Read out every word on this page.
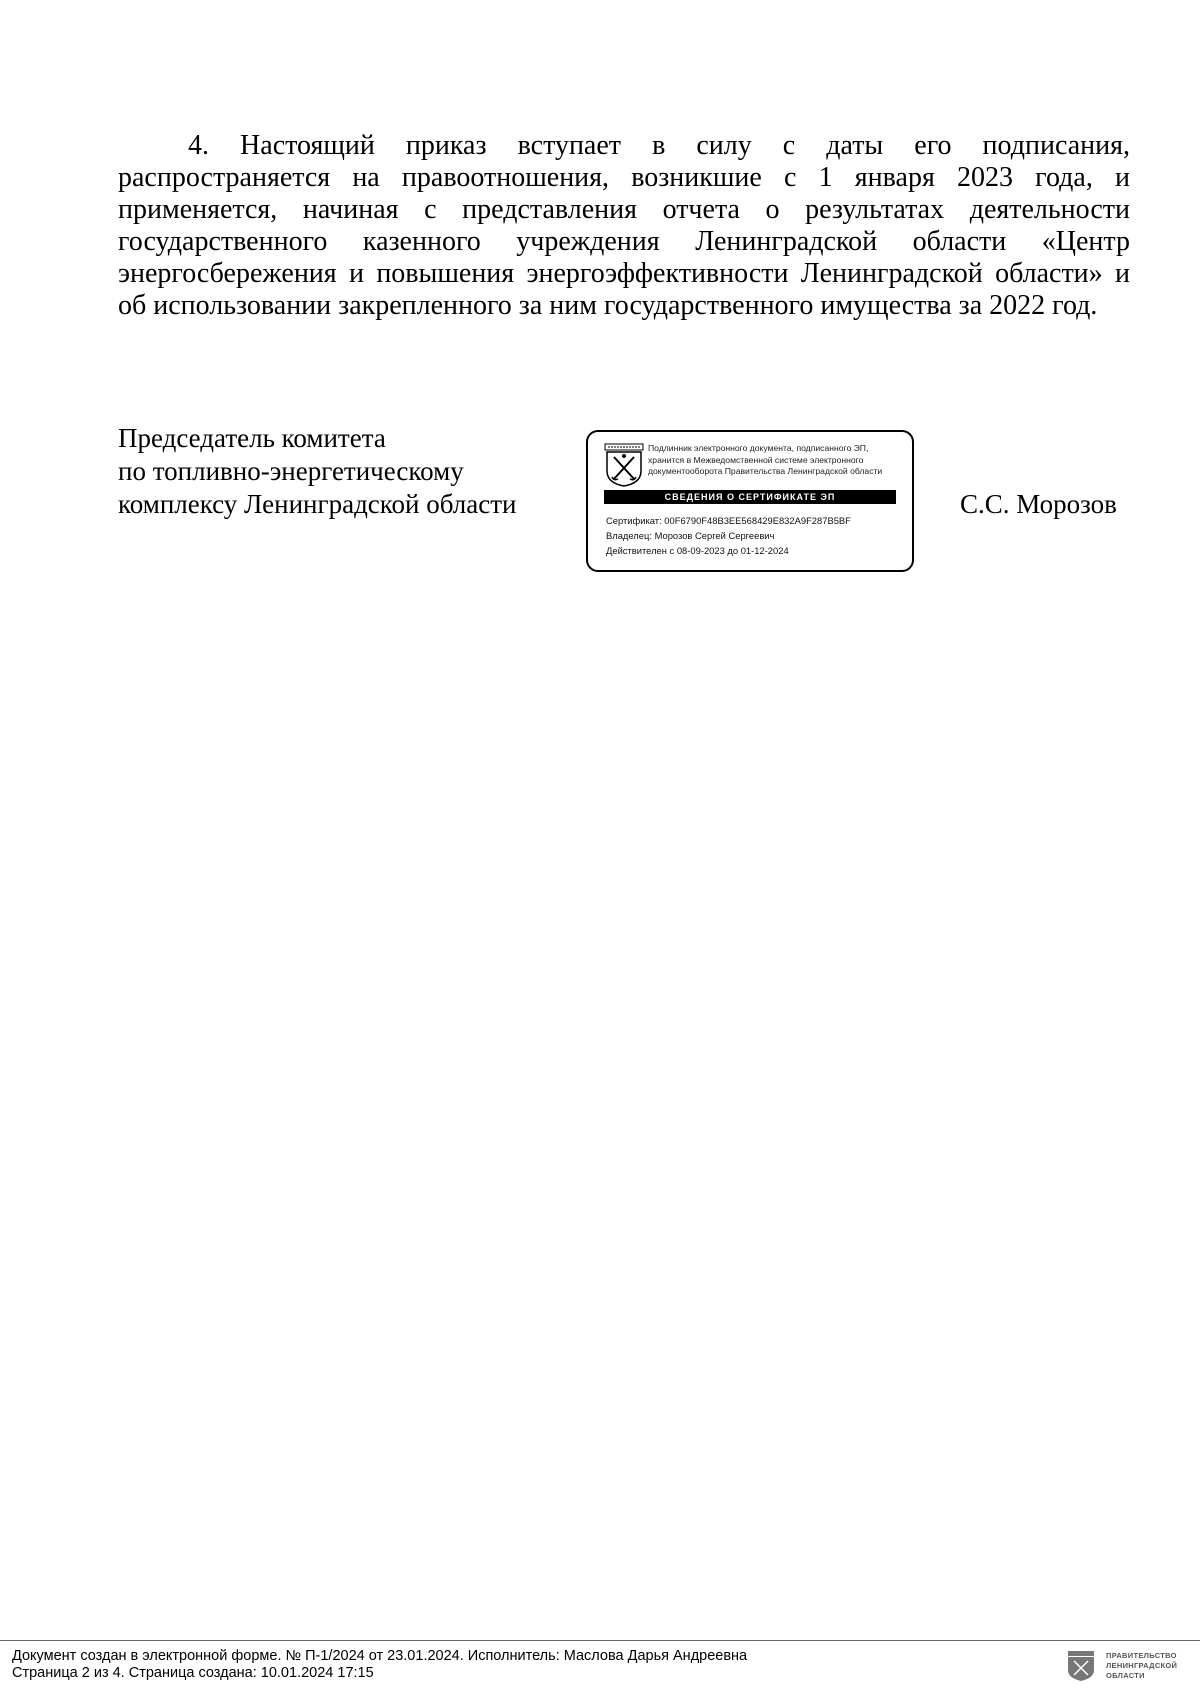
4. Настоящий приказ вступает в силу с даты его подписания, распространяется на правоотношения, возникшие с 1 января 2023 года, и применяется, начиная с представления отчета о результатах деятельности государственного казенного учреждения Ленинградской области «Центр энергосбережения и повышения энергоэффективности Ленинградской области» и об использовании закрепленного за ним государственного имущества за 2022 год.

Председатель комитета
по топливно-энергетическому
комплексу Ленинградской области
Подлинник электронного документа, подписанного ЭП,
хранится в Межведомственной системе электронного
документооборота Правительства Ленинградской области
СВЕДЕНИЯ О СЕРТИФИКАТЕ ЭП
Сертификат: 00F6790F48B3EE568429E832A9F287B5BF
Владелец: Морозов Сергей Сергеевич
Действителен с 08-09-2023 до 01-12-2024
С.С. Морозов
Документ создан в электронной форме. № П-1/2024 от 23.01.2024. Исполнитель: Маслова Дарья Андреевна
Страница 2 из 4. Страница создана: 10.01.2024 17:15
ПРАВИТЕЛЬСТВО
ЛЕНИНГРАДСКОЙ
ОБЛАСТИ
